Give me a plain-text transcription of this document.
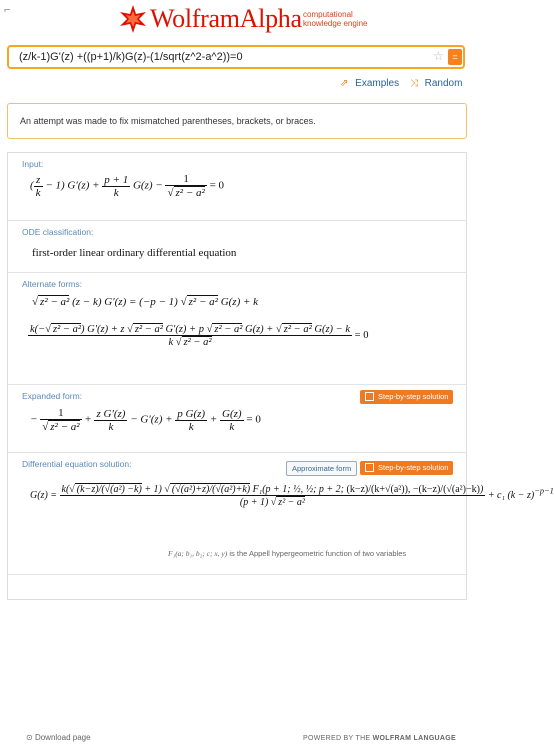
⌐	WolframAlpha computational
knowledge engine
(z/k-1)G'(z) +((p+1)/k)G(z)-(1/sqrt(z^2-a^2))=0	☆ =
⇗ Examples ⤨ Random
An attempt was made to fix mismatched parentheses, brackets, or braces.
Input:
( $\frac{z}{k} - 1$) $G'(z) + \frac{p + 1}{k} G(z) - \frac{1}{\text{√ z² − a²}} = 0$
ODE classification:
first-order linear ordinary differential equation
Alternate forms:
√ z² − a² (z − k) G′(z) = (−p − 1) √ z² − a² G(z) + k
k(−√ z² − a²) G′(z) + z √ z² − a² G′(z) + p √ z² − a² G(z) + √ z² − a² G(z) − k
k √ z² − a²
= 0
Expanded form:	Step-by-step solution
− $\frac{1}{\text{√ z² − a²}} + \frac{\text{z G′(z)}}{k} - G'(z) + \frac{\text{p G(z)}}{k} + \frac{G(z)}{k} = 0$
Differential equation solution:	Approximate form	Step-by-step solution
G(z) =
k(√ (k−z)/(√(a²) −k) + 1) √ (√(a²)+z)/(√(a²)+k) F₁(p + 1; ½, ½; p + 2; (k−z)/(k+√(a²)), −(k−z)/(√(a²)−k))
(p + 1) √ z² − a²
+ c₁ $(k - z)^{-p-1}$
F₁(a; b₁, b₂; c; x, y) is the Appell hypergeometric function of two variables
⊙ Download page	POWERED BY THE WOLFRAM LANGUAGE
